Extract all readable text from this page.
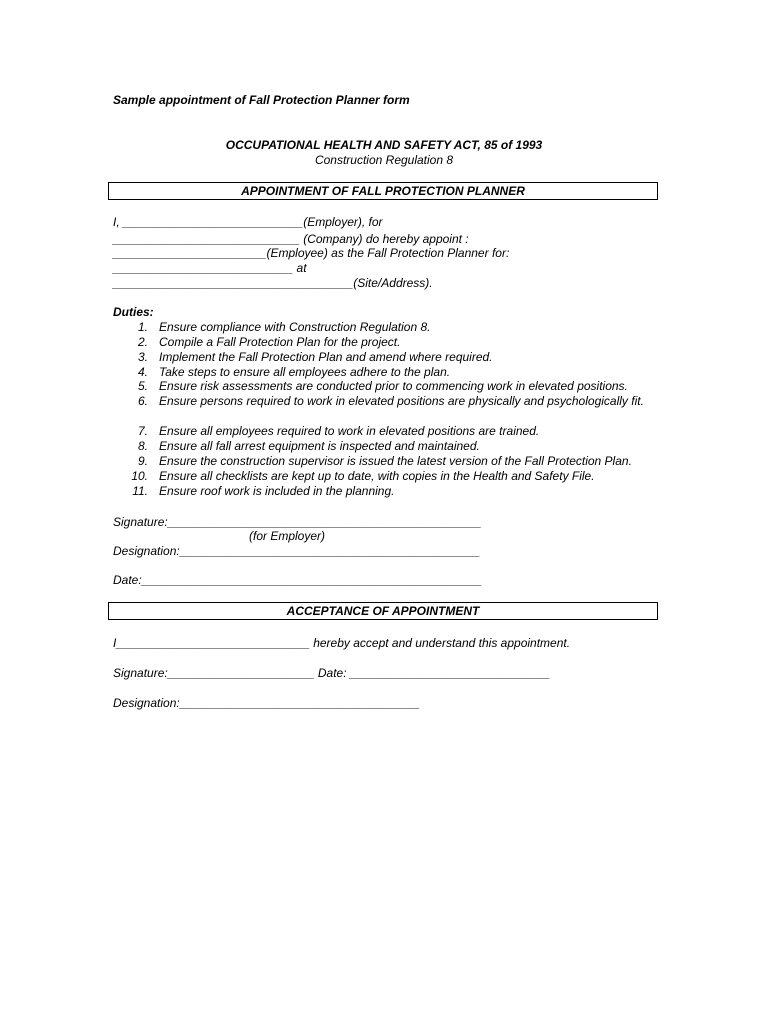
Sample appointment of Fall Protection Planner form
OCCUPATIONAL HEALTH AND SAFETY ACT, 85 of 1993
Construction Regulation 8
APPOINTMENT OF FALL PROTECTION PLANNER
I, ___________________________(Employer), for
____________________________ (Company) do hereby appoint :
_______________________(Employee) as the Fall Protection Planner for:
___________________________ at
____________________________________(Site/Address).
Duties:
1. Ensure compliance with Construction Regulation 8.
2. Compile a Fall Protection Plan for the project.
3. Implement the Fall Protection Plan and amend where required.
4. Take steps to ensure all employees adhere to the plan.
5. Ensure risk assessments are conducted prior to commencing work in elevated positions.
6. Ensure persons required to work in elevated positions are physically and psychologically fit.
7. Ensure all employees required to work in elevated positions are trained.
8. Ensure all fall arrest equipment is inspected and maintained.
9. Ensure the construction supervisor is issued the latest version of the Fall Protection Plan.
10. Ensure all checklists are kept up to date, with copies in the Health and Safety File.
11. Ensure roof work is included in the planning.
Signature:_______________________________________________
(for Employer)
Designation:_____________________________________________
Date:___________________________________________________
ACCEPTANCE OF APPOINTMENT
I_____________________________ hereby accept and understand this appointment.
Signature:______________________ Date: ______________________________
Designation:____________________________________
